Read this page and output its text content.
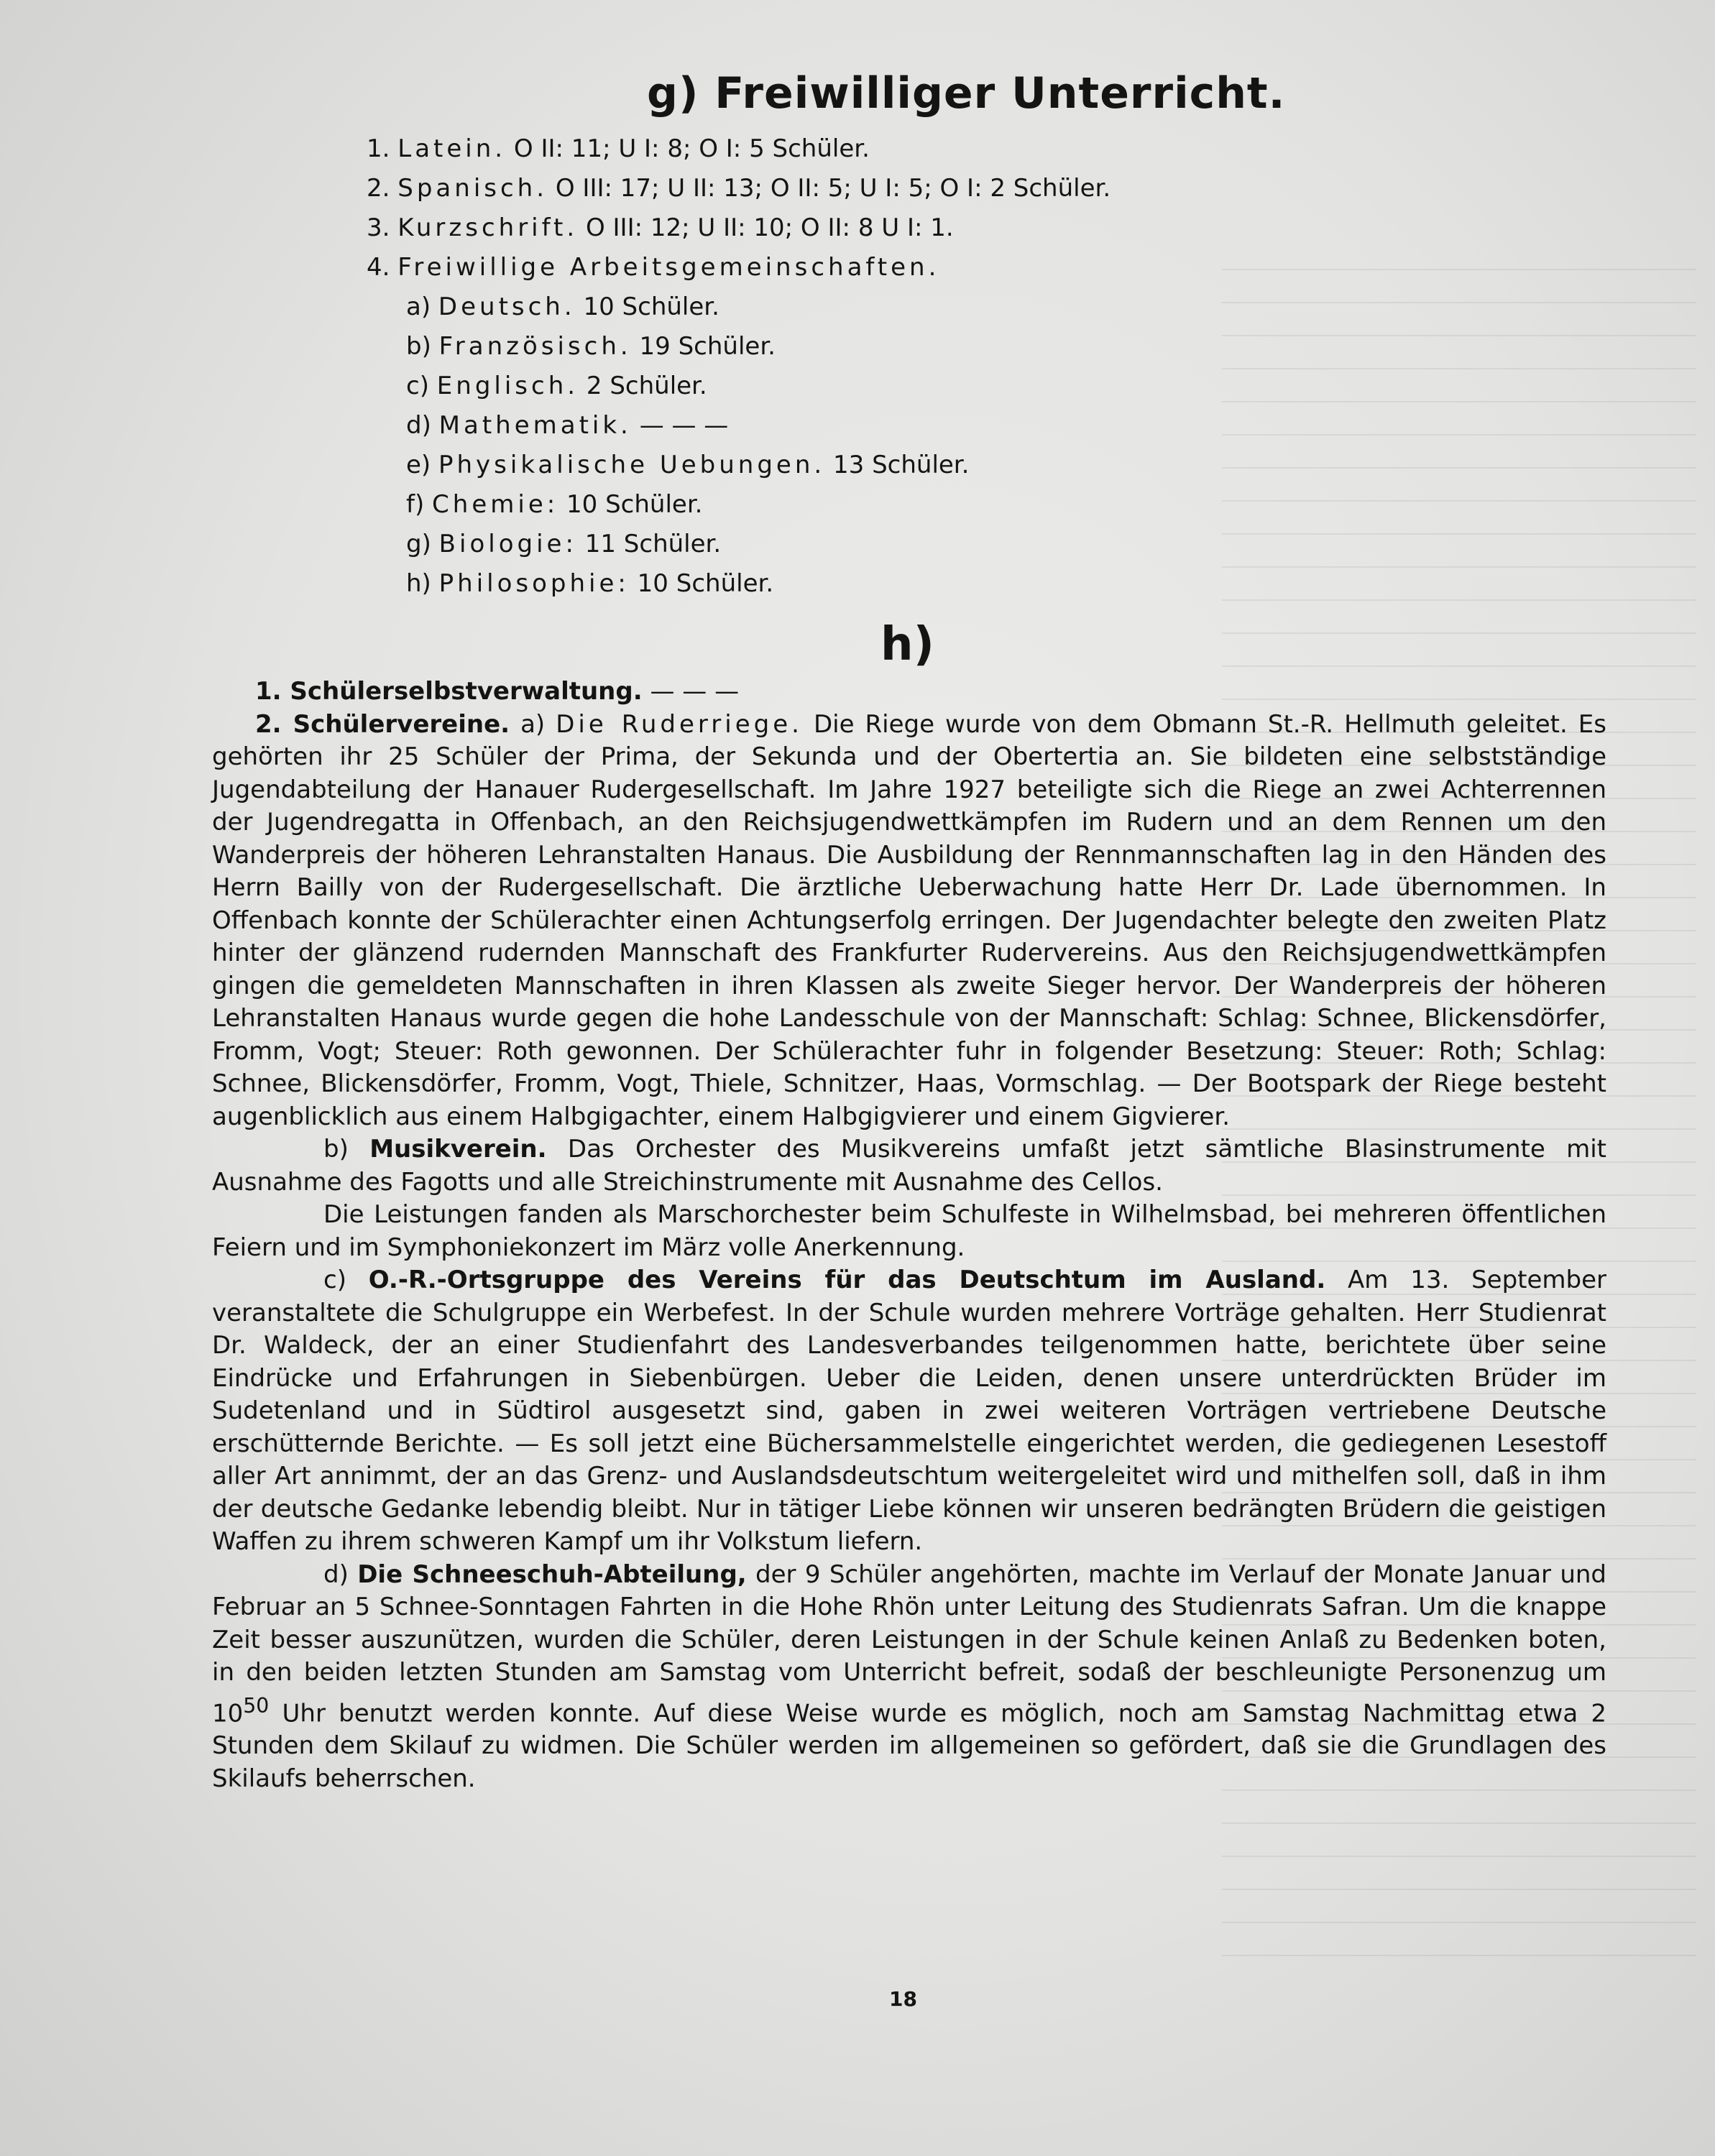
g) Freiwilliger Unterricht.
1. Latein. O II: 11; U I: 8; O I: 5 Schüler.
2. Spanisch. O III: 17; U II: 13; O II: 5; U I: 5; O I: 2 Schüler.
3. Kurzschrift. O III: 12; U II: 10; O II: 8 U I: 1.
4. Freiwillige Arbeitsgemeinschaften.
a) Deutsch. 10 Schüler.
b) Französisch. 19 Schüler.
c) Englisch. 2 Schüler.
d) Mathematik. — — —
e) Physikalische Uebungen. 13 Schüler.
f) Chemie: 10 Schüler.
g) Biologie: 11 Schüler.
h) Philosophie: 10 Schüler.
h)

1. Schülerselbstverwaltung. — — —

2. Schülervereine. a) Die Ruderriege. Die Riege wurde von dem Obmann St.-R. Hellmuth geleitet. Es gehörten ihr 25 Schüler der Prima, der Sekunda und der Obertertia an. Sie bildeten eine selbstständige Jugendabteilung der Hanauer Rudergesellschaft. Im Jahre 1927 beteiligte sich die Riege an zwei Achterrennen der Jugendregatta in Offenbach, an den Reichsjugendwettkämpfen im Rudern und an dem Rennen um den Wanderpreis der höheren Lehranstalten Hanaus. Die Ausbildung der Rennmannschaften lag in den Händen des Herrn Bailly von der Rudergesellschaft. Die ärztliche Ueberwachung hatte Herr Dr. Lade übernommen. In Offenbach konnte der Schülerachter einen Achtungserfolg erringen. Der Jugendachter belegte den zweiten Platz hinter der glänzend rudernden Mannschaft des Frankfurter Rudervereins. Aus den Reichsjugendwettkämpfen gingen die gemeldeten Mannschaften in ihren Klassen als zweite Sieger hervor. Der Wanderpreis der höheren Lehranstalten Hanaus wurde gegen die hohe Landesschule von der Mannschaft: Schlag: Schnee, Blickensdörfer, Fromm, Vogt; Steuer: Roth gewonnen. Der Schülerachter fuhr in folgender Besetzung: Steuer: Roth; Schlag: Schnee, Blickensdörfer, Fromm, Vogt, Thiele, Schnitzer, Haas, Vormschlag. — Der Bootspark der Riege besteht augenblicklich aus einem Halbgigachter, einem Halbgigvierer und einem Gigvierer.

b) Musikverein. Das Orchester des Musikvereins umfaßt jetzt sämtliche Blasinstrumente mit Ausnahme des Fagotts und alle Streichinstrumente mit Ausnahme des Cellos.

Die Leistungen fanden als Marschorchester beim Schulfeste in Wilhelmsbad, bei mehreren öffentlichen Feiern und im Symphoniekonzert im März volle Anerkennung.

c) O.-R.-Ortsgruppe des Vereins für das Deutschtum im Ausland. Am 13. September veranstaltete die Schulgruppe ein Werbefest. In der Schule wurden mehrere Vorträge gehalten. Herr Studienrat Dr. Waldeck, der an einer Studienfahrt des Landesverbandes teilgenommen hatte, berichtete über seine Eindrücke und Erfahrungen in Siebenbürgen. Ueber die Leiden, denen unsere unterdrückten Brüder im Sudetenland und in Südtirol ausgesetzt sind, gaben in zwei weiteren Vorträgen vertriebene Deutsche erschütternde Berichte. — Es soll jetzt eine Büchersammelstelle eingerichtet werden, die gediegenen Lesestoff aller Art annimmt, der an das Grenz- und Auslandsdeutschtum weitergeleitet wird und mithelfen soll, daß in ihm der deutsche Gedanke lebendig bleibt. Nur in tätiger Liebe können wir unseren bedrängten Brüdern die geistigen Waffen zu ihrem schweren Kampf um ihr Volkstum liefern.

d) Die Schneeschuh-Abteilung, der 9 Schüler angehörten, machte im Verlauf der Monate Januar und Februar an 5 Schnee-Sonntagen Fahrten in die Hohe Rhön unter Leitung des Studienrats Safran. Um die knappe Zeit besser auszunützen, wurden die Schüler, deren Leistungen in der Schule keinen Anlaß zu Bedenken boten, in den beiden letzten Stunden am Samstag vom Unterricht befreit, sodaß der beschleunigte Personenzug um $10^{50}$ Uhr benutzt werden konnte. Auf diese Weise wurde es möglich, noch am Samstag Nachmittag etwa 2 Stunden dem Skilauf zu widmen. Die Schüler werden im allgemeinen so gefördert, daß sie die Grundlagen des Skilaufs beherrschen.

18
